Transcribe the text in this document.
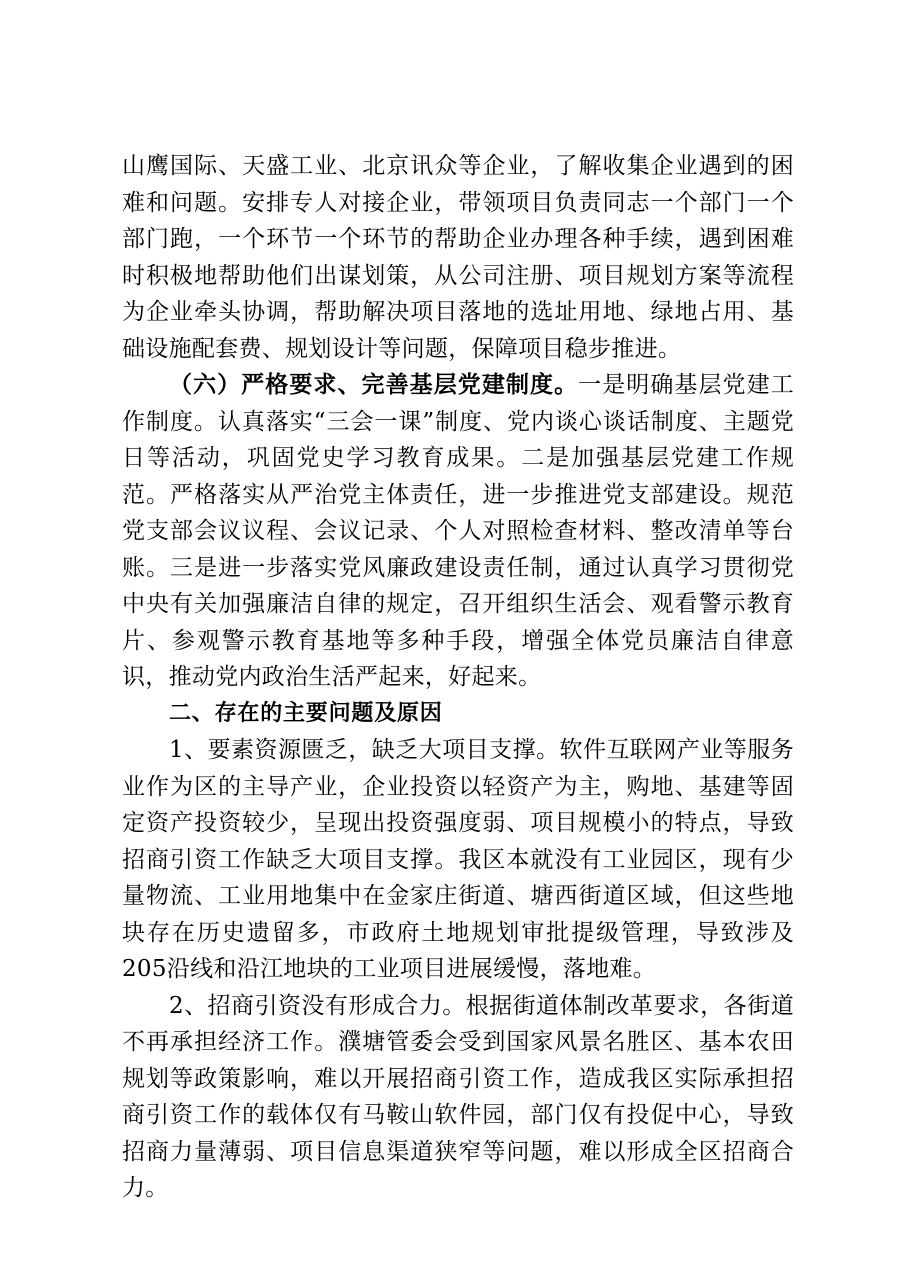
山鹰国际、天盛工业、北京讯众等企业，了解收集企业遇到的困难和问题。安排专人对接企业，带领项目负责同志一个部门一个部门跑，一个环节一个环节的帮助企业办理各种手续，遇到困难时积极地帮助他们出谋划策，从公司注册、项目规划方案等流程为企业牵头协调，帮助解决项目落地的选址用地、绿地占用、基础设施配套费、规划设计等问题，保障项目稳步推进。

（六）严格要求、完善基层党建制度。一是明确基层党建工作制度。认真落实“三会一课”制度、党内谈心谈话制度、主题党日等活动，巩固党史学习教育成果。二是加强基层党建工作规范。严格落实从严治党主体责任，进一步推进党支部建设。规范党支部会议议程、会议记录、个人对照检查材料、整改清单等台账。三是进一步落实党风廉政建设责任制，通过认真学习贯彻党中央有关加强廉洁自律的规定，召开组织生活会、观看警示教育片、参观警示教育基地等多种手段，增强全体党员廉洁自律意识，推动党内政治生活严起来，好起来。

二、存在的主要问题及原因

1、要素资源匮乏，缺乏大项目支撑。软件互联网产业等服务业作为区的主导产业，企业投资以轻资产为主，购地、基建等固定资产投资较少，呈现出投资强度弱、项目规模小的特点，导致招商引资工作缺乏大项目支撑。我区本就没有工业园区，现有少量物流、工业用地集中在金家庄街道、塘西街道区域，但这些地块存在历史遗留多，市政府土地规划审批提级管理，导致涉及205沿线和沿江地块的工业项目进展缓慢，落地难。

2、招商引资没有形成合力。根据街道体制改革要求，各街道不再承担经济工作。濮塘管委会受到国家风景名胜区、基本农田规划等政策影响，难以开展招商引资工作，造成我区实际承担招商引资工作的载体仅有马鞍山软件园，部门仅有投促中心，导致招商力量薄弱、项目信息渠道狭窄等问题，难以形成全区招商合力。
